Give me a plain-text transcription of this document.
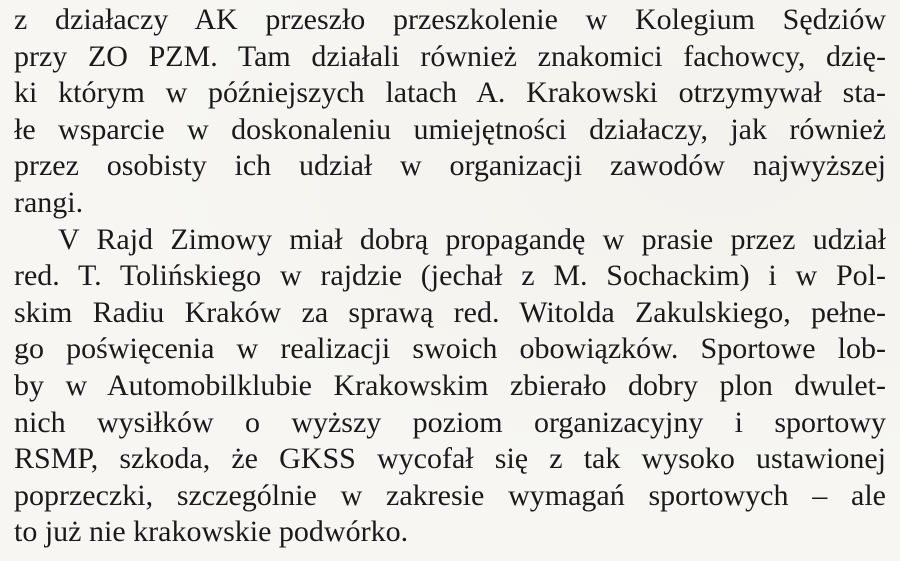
z działaczy AK przeszło przeszkolenie w Kolegium Sędziów
przy ZO PZM. Tam działali również znakomici fachowcy, dzię-
ki którym w późniejszych latach A. Krakowski otrzymywał sta-
łe wsparcie w doskonaleniu umiejętności działaczy, jak również
przez osobisty ich udział w organizacji zawodów najwyższej
rangi.
V Rajd Zimowy miał dobrą propagandę w prasie przez udział
red. T. Tolińskiego w rajdzie (jechał z M. Sochackim) i w Pol-
skim Radiu Kraków za sprawą red. Witolda Zakulskiego, pełne-
go poświęcenia w realizacji swoich obowiązków. Sportowe lob-
by w Automobilklubie Krakowskim zbierało dobry plon dwulet-
nich wysiłków o wyższy poziom organizacyjny i sportowy
RSMP, szkoda, że GKSS wycofał się z tak wysoko ustawionej
poprzeczki, szczególnie w zakresie wymagań sportowych – ale
to już nie krakowskie podwórko.
